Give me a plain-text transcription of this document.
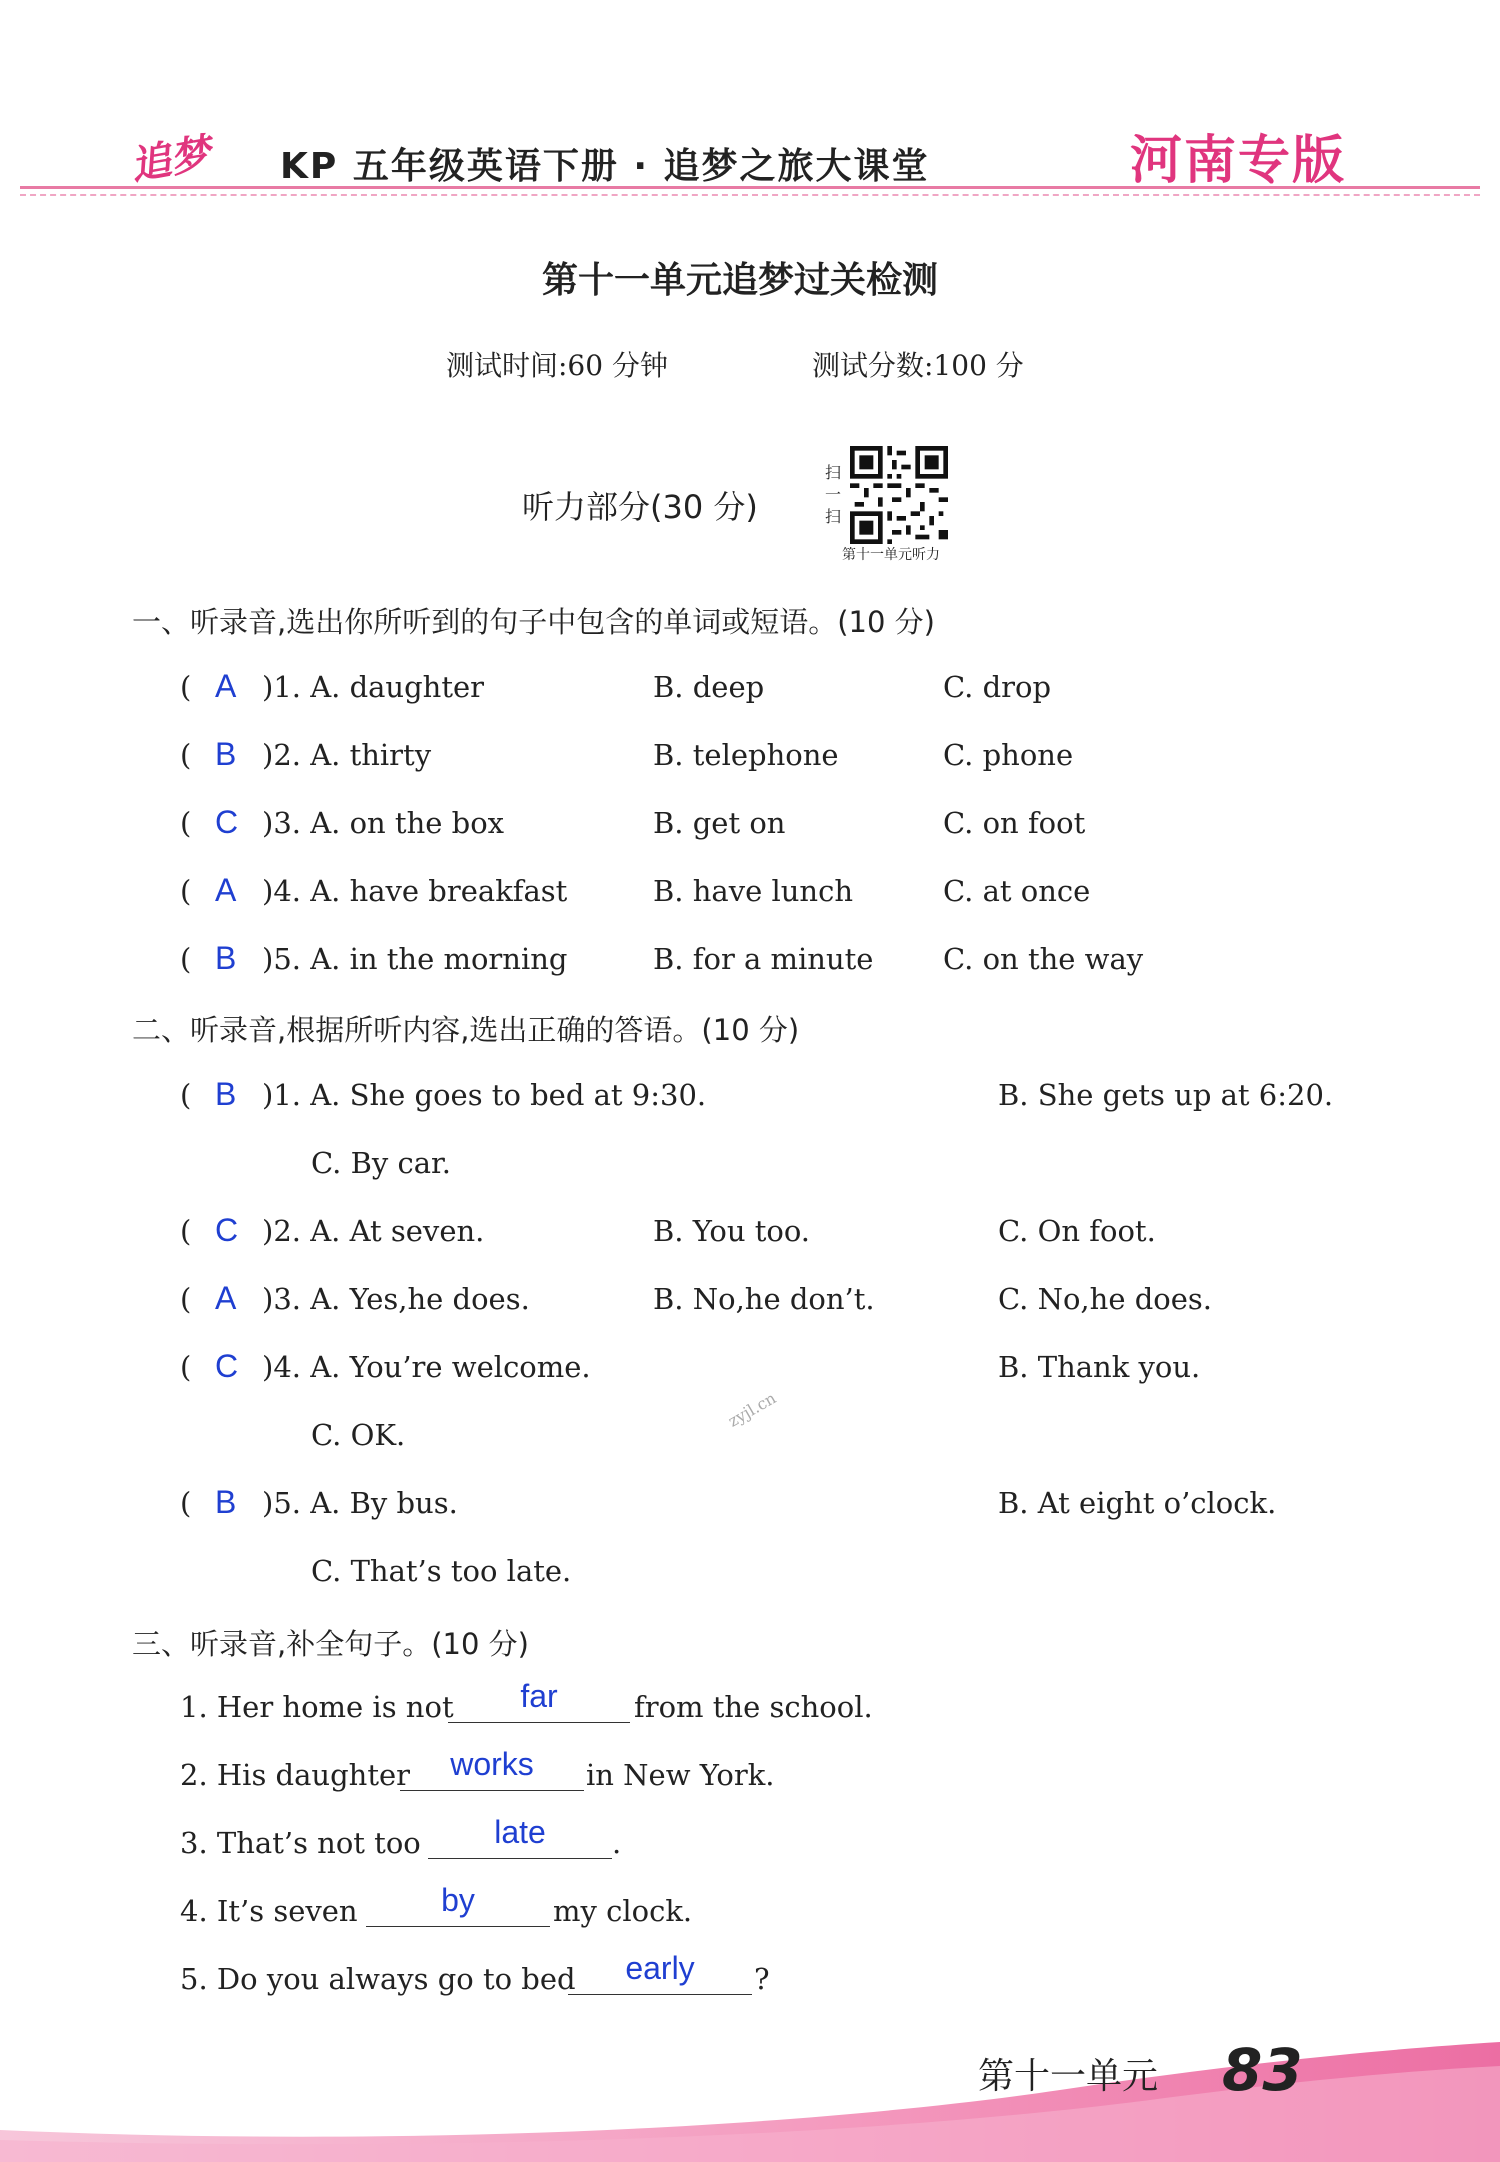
追梦 KP 五年级英语下册 · 追梦之旅大课堂	河南专版
第十一单元追梦过关检测
测试时间:60 分钟	测试分数:100 分
听力部分(30 分)
扫
一
扫
第十一单元听力
一、听录音,选出你所听到的句子中包含的单词或短语。(10 分)
( A )1. A. daughter	B. deep	C. drop
( B )2. A. thirty	B. telephone	C. phone
( C )3. A. on the box	B. get on	C. on foot
( A )4. A. have breakfast	B. have lunch	C. at once
( B )5. A. in the morning	B. for a minute C. on the way
二、听录音,根据所听内容,选出正确的答语。(10 分)
( B )1. A. She goes to bed at 9:30.	B. She gets up at 6:20.
C. By car.
( C )2. A. At seven.	B. You too.	C. On foot.
( A )3. A. Yes,he does.	B. No,he don’t.	C. No,he does.
( C )4. A. You’re welcome.	B. Thank you.
C. OK.
( B )5. A. By bus.	B. At eight o’clock.
C. That’s too late.
zyjl.cn
三、听录音,补全句子。(10 分)
1. Her home is not	far	from the school.
2. His daughter	works	in New York.
3. That’s not too	late	.
4. It’s seven	by	my clock.
5. Do you always go to bed	early	?
第十一单元 83
